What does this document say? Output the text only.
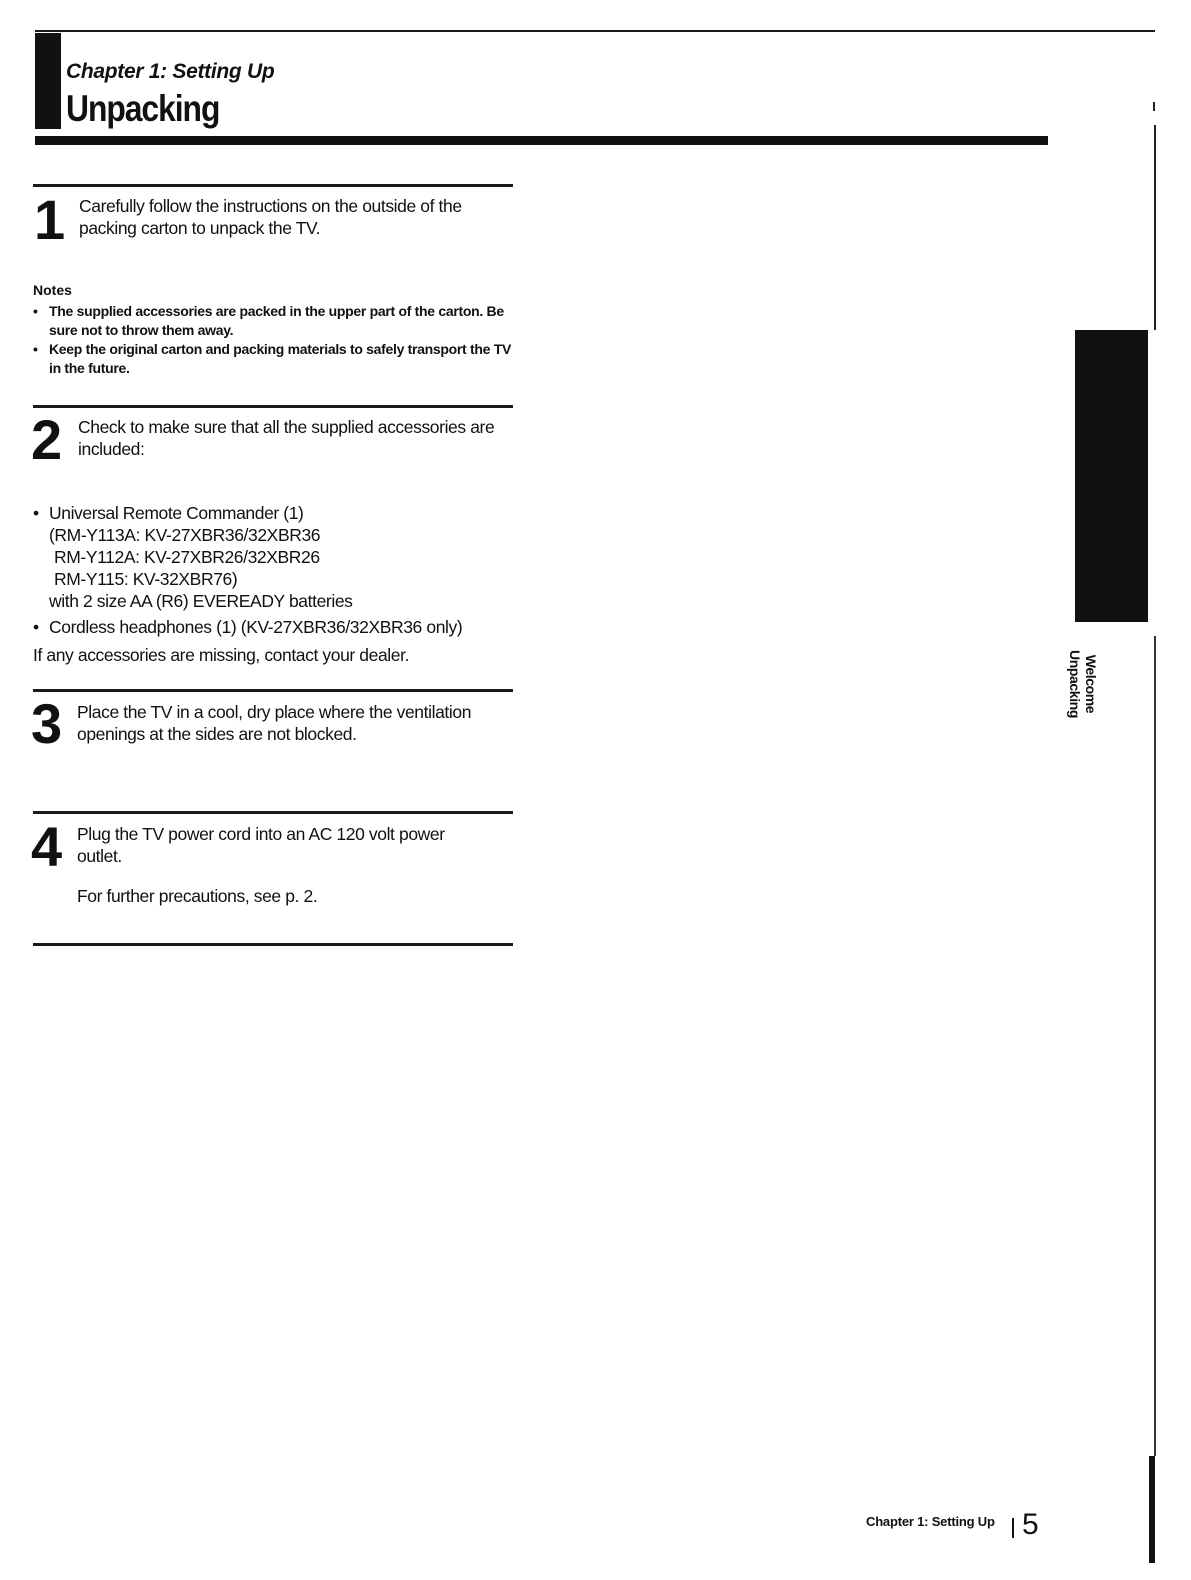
Chapter 1: Setting Up
Unpacking
Welcome
Unpacking
1 Carefully follow the instructions on the outside of the packing carton to unpack the TV.
Notes
• The supplied accessories are packed in the upper part of the carton. Be sure not to throw them away.
• Keep the original carton and packing materials to safely transport the TV in the future.
2 Check to make sure that all the supplied accessories are included:
• Universal Remote Commander (1)
(RM-Y113A: KV-27XBR36/32XBR36
RM-Y112A: KV-27XBR26/32XBR26
RM-Y115: KV-32XBR76)
with 2 size AA (R6) EVEREADY batteries
• Cordless headphones (1) (KV-27XBR36/32XBR36 only)
If any accessories are missing, contact your dealer.
3 Place the TV in a cool, dry place where the ventilation openings at the sides are not blocked.
4 Plug the TV power cord into an AC 120 volt power outlet.
For further precautions, see p. 2.
Chapter 1: Setting Up 5
